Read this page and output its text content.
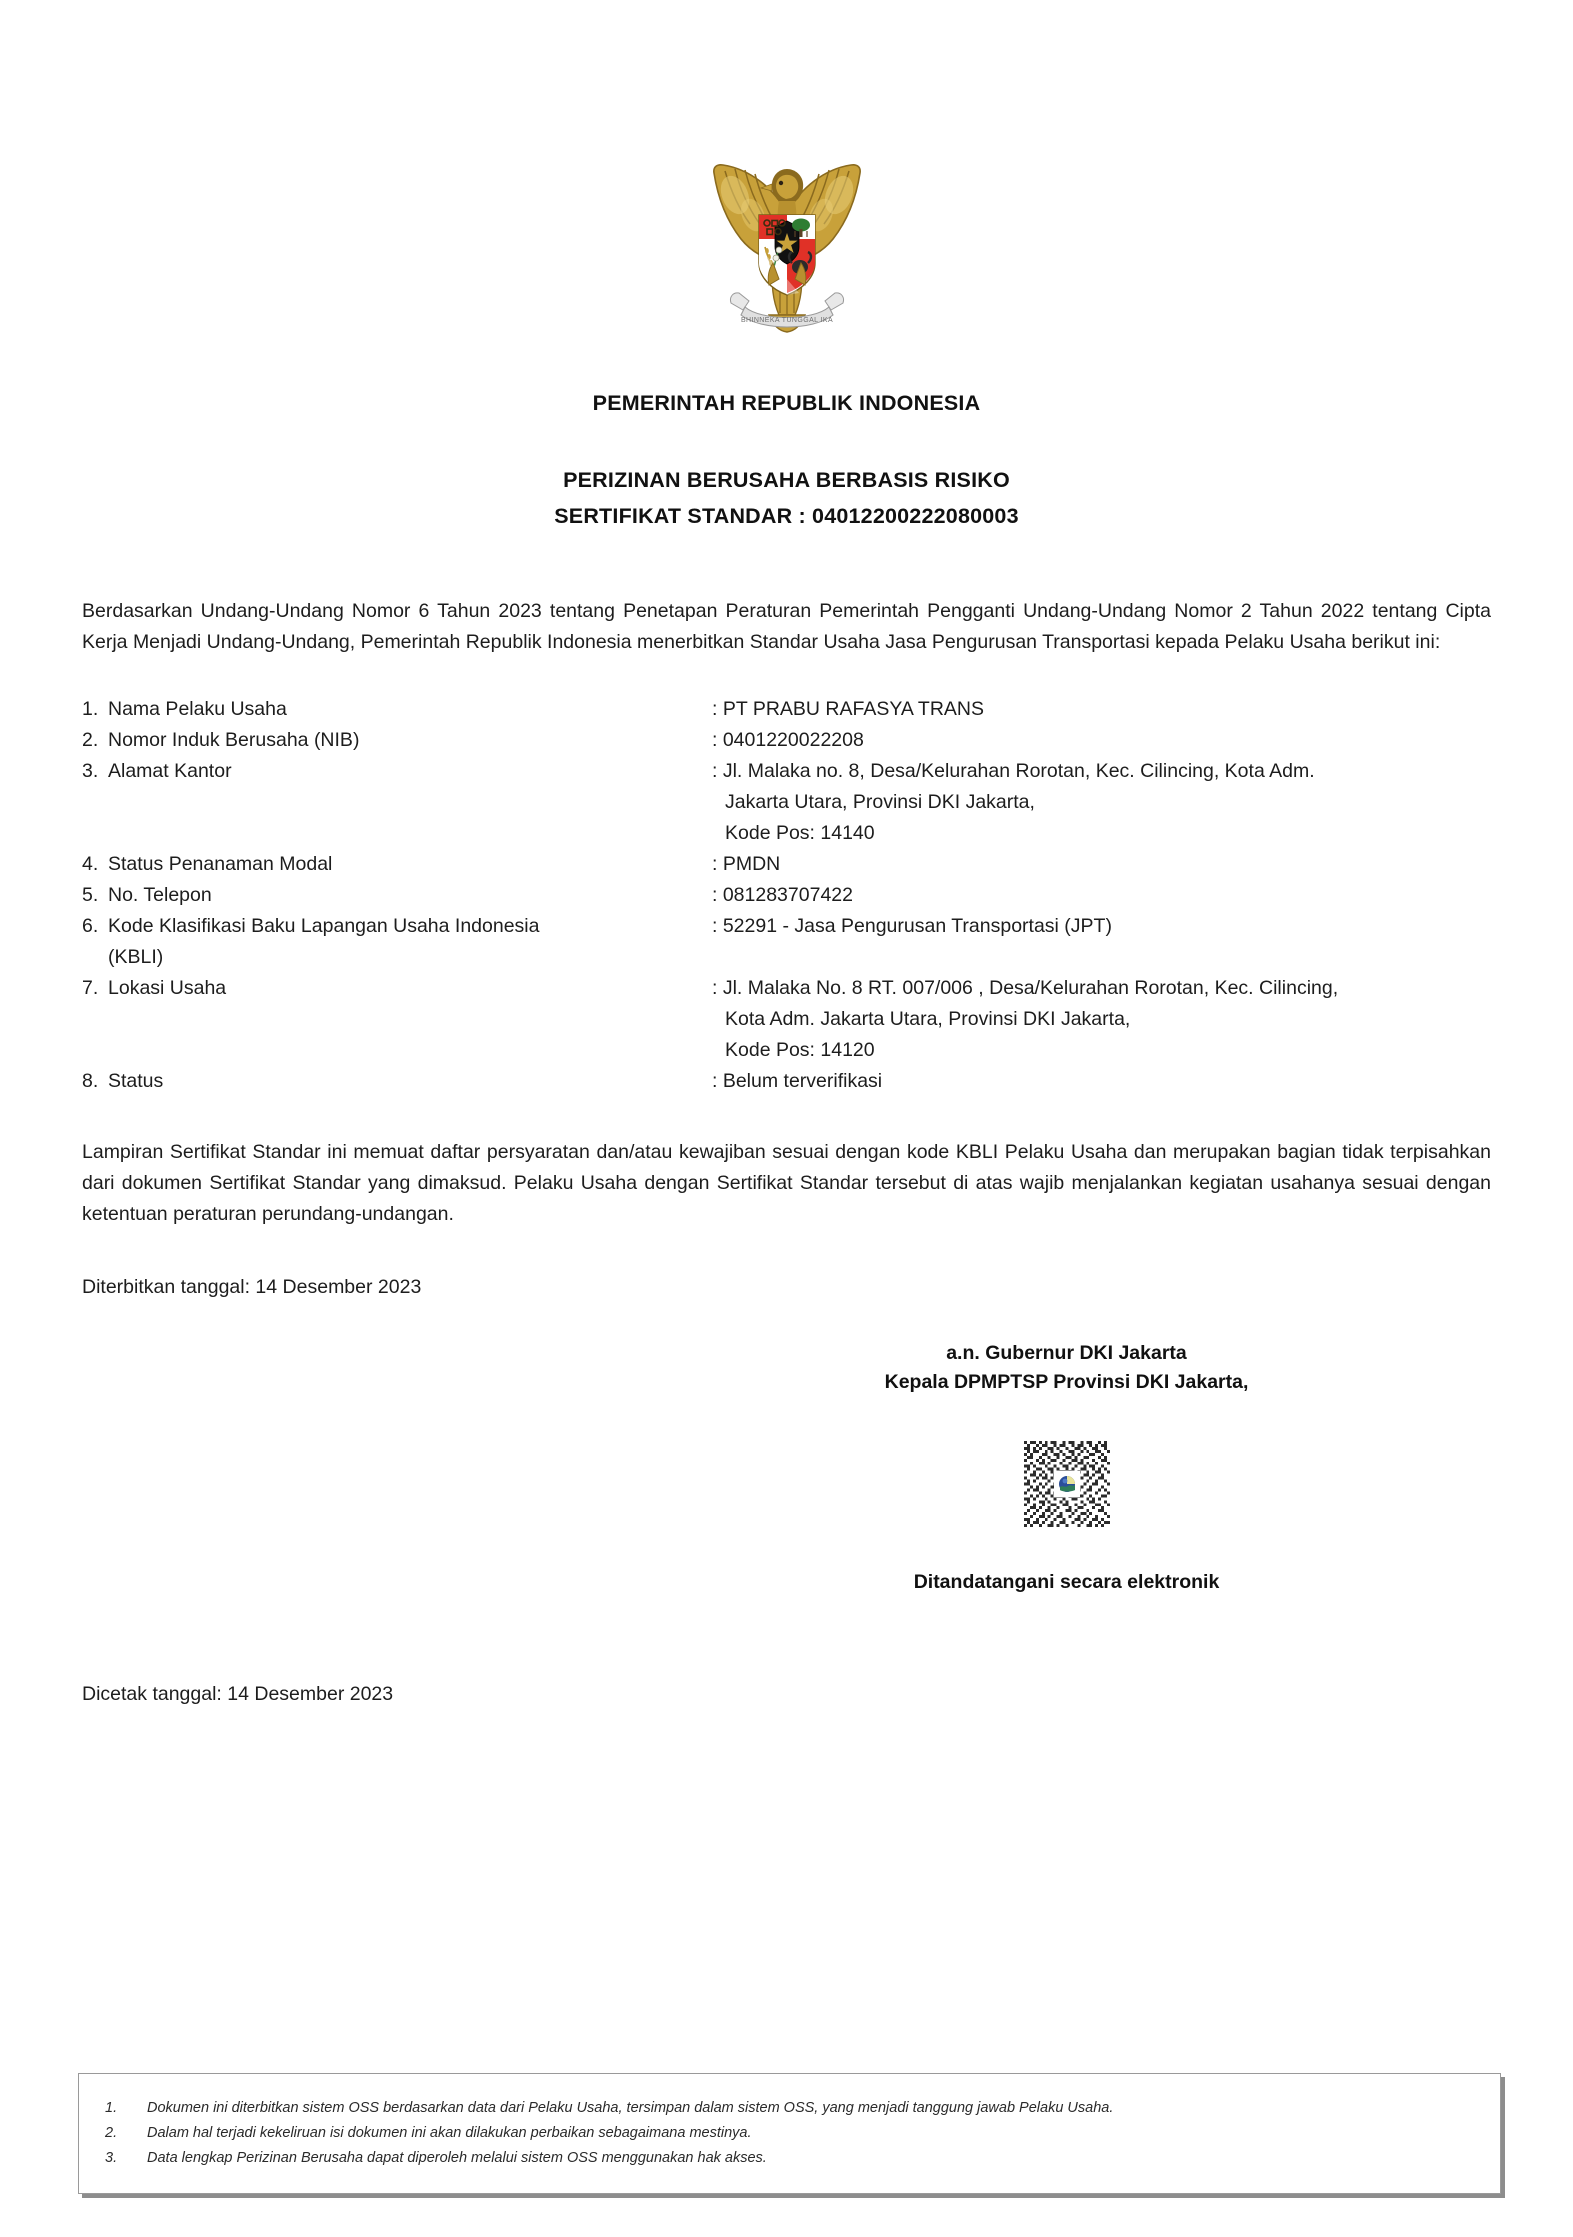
BHINNEKA TUNGGAL IKA
PEMERINTAH REPUBLIK INDONESIA
PERIZINAN BERUSAHA BERBASIS RISIKO
SERTIFIKAT STANDAR : 04012200222080003

Berdasarkan Undang-Undang Nomor 6 Tahun 2023 tentang Penetapan Peraturan Pemerintah Pengganti Undang-Undang Nomor 2 Tahun 2022 tentang Cipta Kerja Menjadi Undang-Undang, Pemerintah Republik Indonesia menerbitkan Standar Usaha Jasa Pengurusan Transportasi kepada Pelaku Usaha berikut ini:

1. Nama Pelaku Usaha	: PT PRABU RAFASYA TRANS

2. Nomor Induk Berusaha (NIB)	: 0401220022208

3. Alamat Kantor	: Jl. Malaka no. 8, Desa/Kelurahan Rorotan, Kec. Cilincing, Kota Adm.
Jakarta Utara, Provinsi DKI Jakarta,
Kode Pos: 14140

4. Status Penanaman Modal	: PMDN

5. No. Telepon	: 081283707422

6. Kode Klasifikasi Baku Lapangan Usaha Indonesia
(KBLI)	: 52291 - Jasa Pengurusan Transportasi (JPT)

7. Lokasi Usaha	: Jl. Malaka No. 8 RT. 007/006 , Desa/Kelurahan Rorotan, Kec. Cilincing,
Kota Adm. Jakarta Utara, Provinsi DKI Jakarta,
Kode Pos: 14120

8. Status	: Belum terverifikasi

Lampiran Sertifikat Standar ini memuat daftar persyaratan dan/atau kewajiban sesuai dengan kode KBLI Pelaku Usaha dan merupakan bagian tidak terpisahkan dari dokumen Sertifikat Standar yang dimaksud. Pelaku Usaha dengan Sertifikat Standar tersebut di atas wajib menjalankan kegiatan usahanya sesuai dengan ketentuan peraturan perundang-undangan.

Diterbitkan tanggal: 14 Desember 2023
a.n. Gubernur DKI Jakarta
Kepala DPMPTSP Provinsi DKI Jakarta,
Ditandatangani secara elektronik
Dicetak tanggal: 14 Desember 2023
1.	Dokumen ini diterbitkan sistem OSS berdasarkan data dari Pelaku Usaha, tersimpan dalam sistem OSS, yang menjadi tanggung jawab Pelaku Usaha.
2.	Dalam hal terjadi kekeliruan isi dokumen ini akan dilakukan perbaikan sebagaimana mestinya.
3.	Data lengkap Perizinan Berusaha dapat diperoleh melalui sistem OSS menggunakan hak akses.
